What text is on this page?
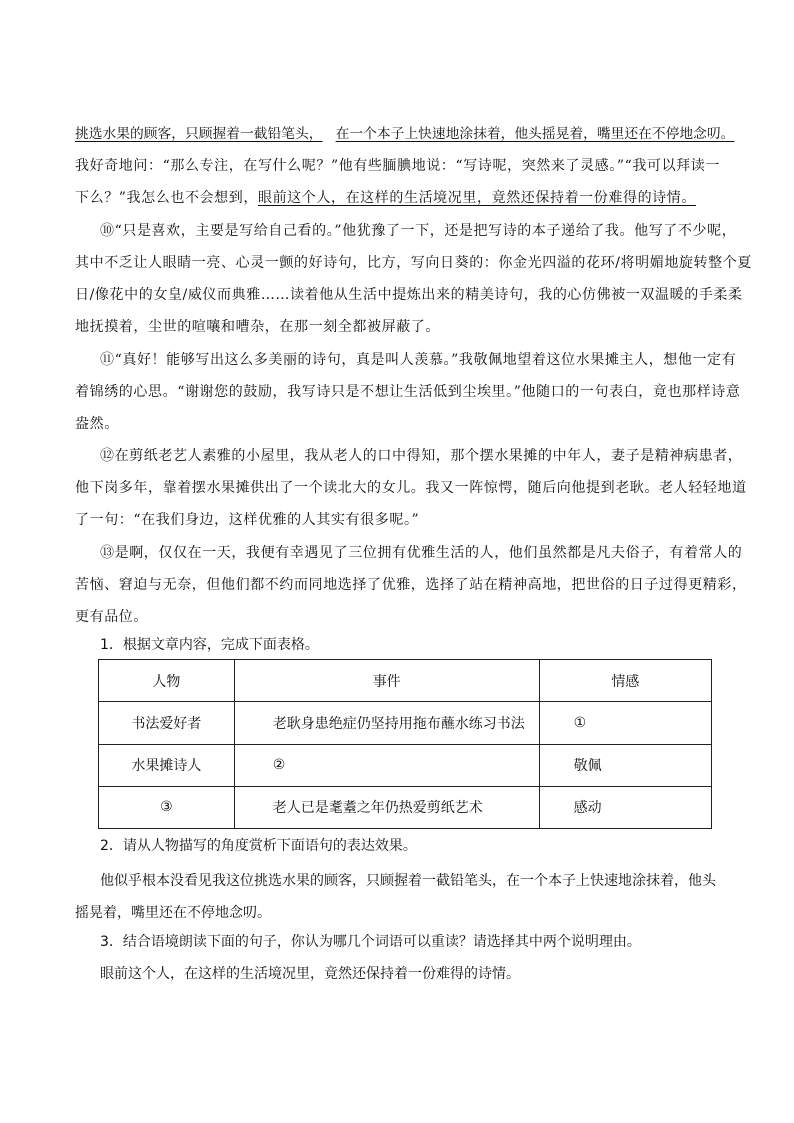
挑选水果的顾客，只顾握着一截铅笔头， 在一个本子上快速地涂抹着，他头摇晃着，嘴里还在不停地念叨。
我好奇地问：“那么专注，在写什么呢？”他有些腼腆地说：“写诗呢，突然来了灵感。”“我可以拜读一
下么？”我怎么也不会想到，眼前这个人，在这样的生活境况里，竟然还保持着一份难得的诗情。
⑩“只是喜欢，主要是写给自己看的。”他犹豫了一下，还是把写诗的本子递给了我。他写了不少呢，
其中不乏让人眼睛一亮、心灵一颤的好诗句，比方，写向日葵的：你金光四溢的花环/将明媚地旋转整个夏
日/像花中的女皇/威仪而典雅……读着他从生活中提炼出来的精美诗句，我的心仿佛被一双温暖的手柔柔
地抚摸着，尘世的喧嚷和嘈杂，在那一刻全都被屏蔽了。
⑪“真好！能够写出这么多美丽的诗句，真是叫人羡慕。”我敬佩地望着这位水果摊主人，想他一定有
着锦绣的心思。“谢谢您的鼓励，我写诗只是不想让生活低到尘埃里。”他随口的一句表白，竟也那样诗意
盎然。
⑫在剪纸老艺人素雅的小屋里，我从老人的口中得知，那个摆水果摊的中年人，妻子是精神病患者，
他下岗多年，靠着摆水果摊供出了一个读北大的女儿。我又一阵惊愕，随后向他提到老耿。老人轻轻地道
了一句：“在我们身边，这样优雅的人其实有很多呢。”
⑬是啊，仅仅在一天，我便有幸遇见了三位拥有优雅生活的人，他们虽然都是凡夫俗子，有着常人的
苦恼、窘迫与无奈，但他们都不约而同地选择了优雅，选择了站在精神高地，把世俗的日子过得更精彩，
更有品位。
1．根据文章内容，完成下面表格。
人物	事件	情感
书法爱好者	老耿身患绝症仍坚持用拖布蘸水练习书法	①
水果摊诗人	②	敬佩
③	老人已是耄耋之年仍热爱剪纸艺术	感动
2．请从人物描写的角度赏析下面语句的表达效果。
他似乎根本没看见我这位挑选水果的顾客，只顾握着一截铅笔头，在一个本子上快速地涂抹着，他头
摇晃着，嘴里还在不停地念叨。
3．结合语境朗读下面的句子，你认为哪几个词语可以重读？请选择其中两个说明理由。
眼前这个人，在这样的生活境况里，竟然还保持着一份难得的诗情。
